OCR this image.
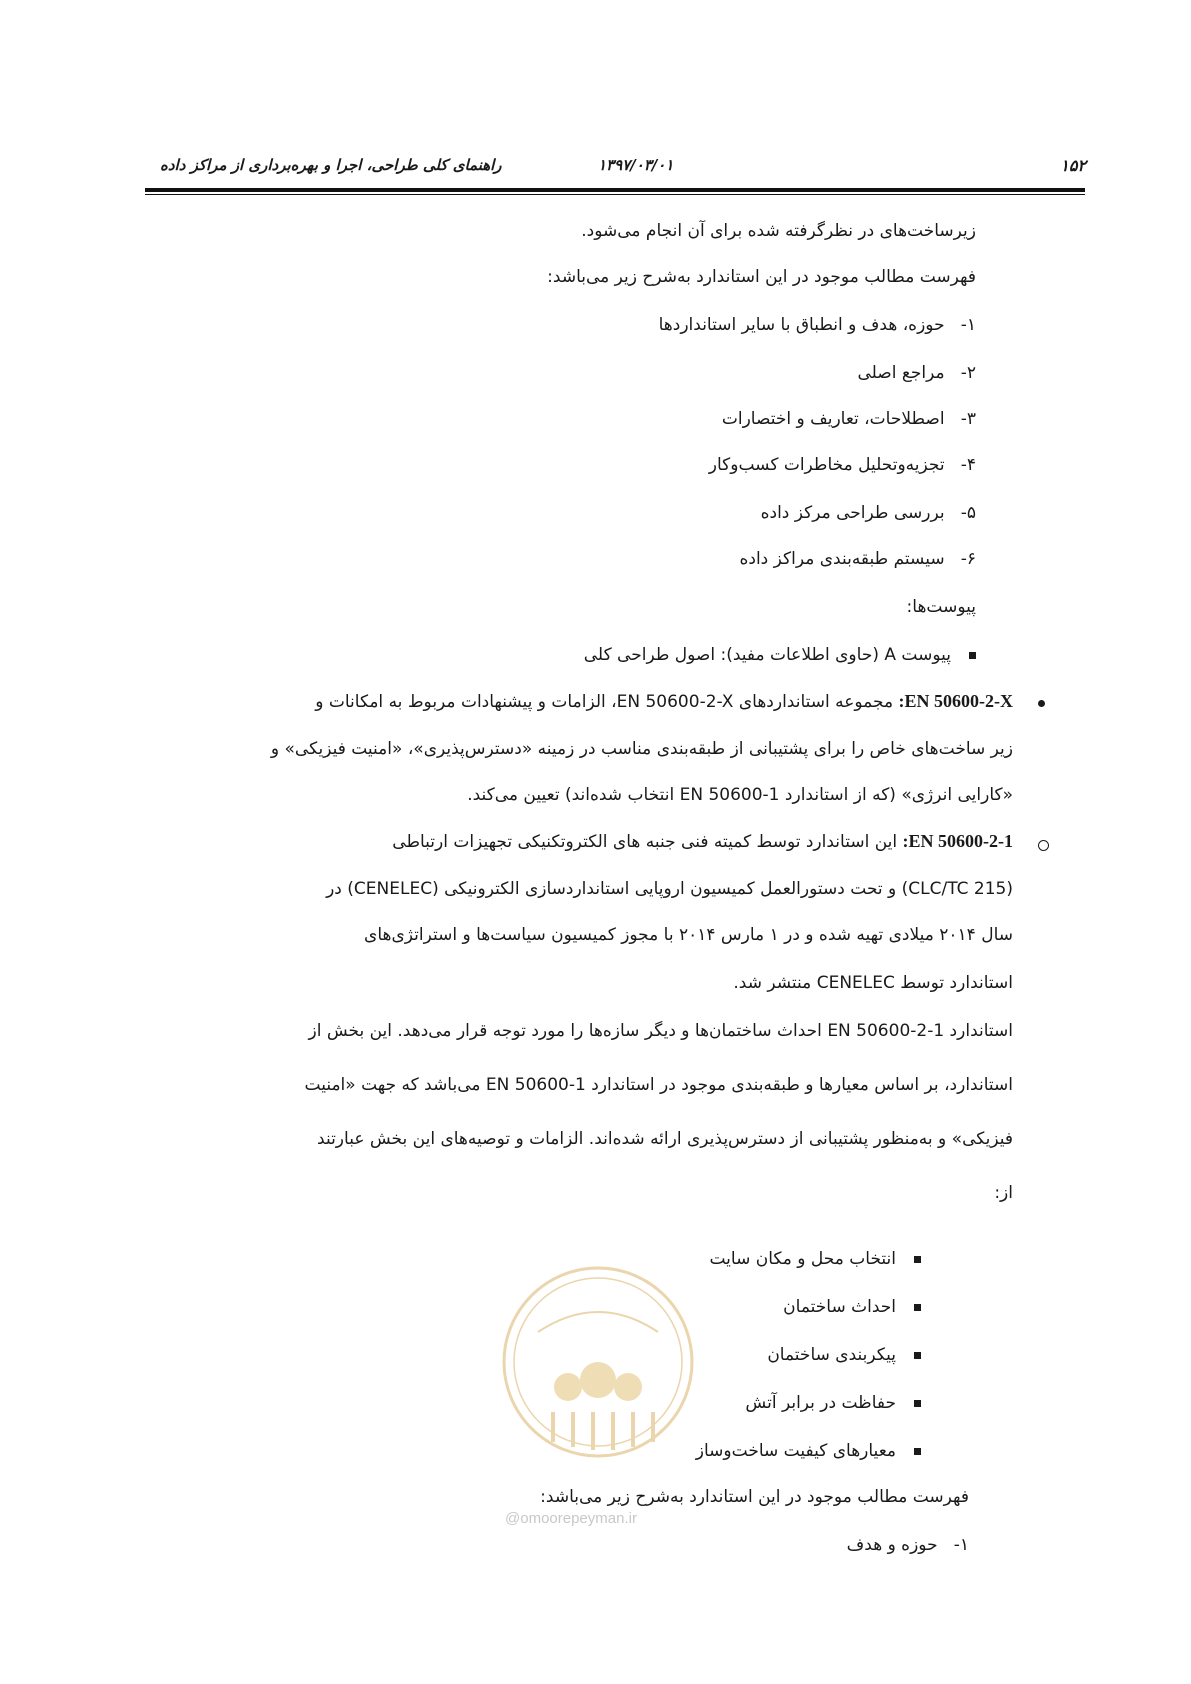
۱۵۲
۱۳۹۷/۰۳/۰۱
راهنمای کلی طراحی، اجرا و بهره‌برداری از مراکز داده
زیرساخت‌های در نظرگرفته شده برای آن انجام می‌شود.
فهرست مطالب موجود در این استاندارد به‌شرح زیر می‌باشد:
۱- حوزه، هدف و انطباق با سایر استانداردها
۲- مراجع اصلی
۳- اصطلاحات، تعاریف و اختصارات
۴- تجزیه‌وتحلیل مخاطرات کسب‌وکار
۵- بررسی طراحی مرکز داده
۶- سیستم طبقه‌بندی مراکز داده
پیوست‌ها:
پیوست A (حاوی اطلاعات مفید): اصول طراحی کلی
EN 50600-2-X: مجموعه استانداردهای EN 50600-2-X، الزامات و پیشنهادات مربوط به امکانات و
زیر ساخت‌های خاص را برای پشتیبانی از طبقه‌بندی مناسب در زمینه «دسترس‌پذیری»، «امنیت فیزیکی» و
«کارایی انرژی» (که از استاندارد EN 50600-1 انتخاب شده‌اند) تعیین می‌کند.
EN 50600-2-1: این استاندارد توسط کمیته فنی جنبه های الکتروتکنیکی تجهیزات ارتباطی
(CLC/TC 215) و تحت دستورالعمل کمیسیون اروپایی استانداردسازی الکترونیکی (CENELEC) در
سال ۲۰۱۴ میلادی تهیه شده و در ۱ مارس ۲۰۱۴ با مجوز کمیسیون سیاست‌ها و استراتژی‌های
استاندارد توسط CENELEC منتشر شد.
استاندارد EN 50600-2-1 احداث ساختمان‌ها و دیگر سازه‌ها را مورد توجه قرار می‌دهد. این بخش از
استاندارد، بر اساس معیارها و طبقه‌بندی موجود در استاندارد EN 50600-1 می‌باشد که جهت «امنیت
فیزیکی» و به‌منظور پشتیبانی از دسترس‌پذیری ارائه شده‌اند. الزامات و توصیه‌های این بخش عبارتند
از:
@omoorepeyman.ir
انتخاب محل و مکان سایت
احداث ساختمان
پیکربندی ساختمان
حفاظت در برابر آتش
معیارهای کیفیت ساخت‌وساز
فهرست مطالب موجود در این استاندارد به‌شرح زیر می‌باشد:
۱- حوزه و هدف
